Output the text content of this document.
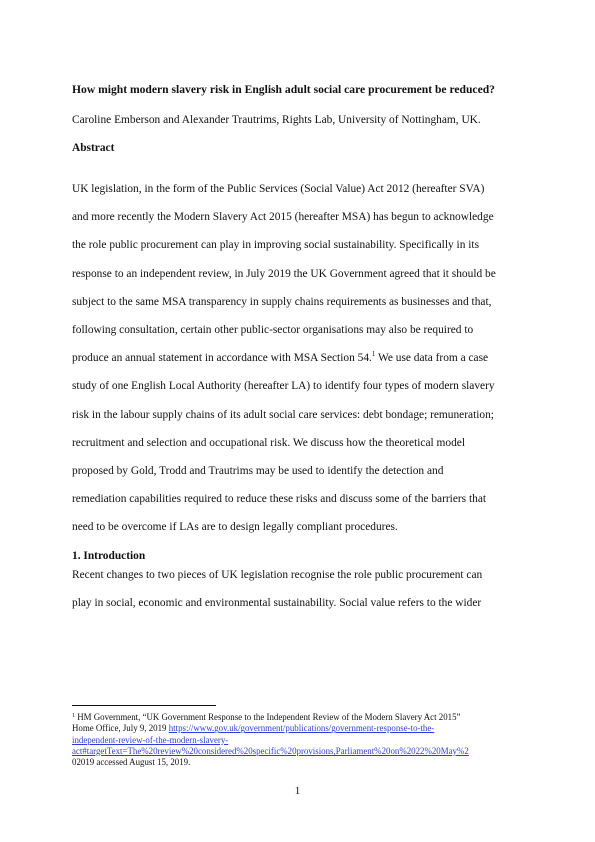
How might modern slavery risk in English adult social care procurement be reduced?
Caroline Emberson and Alexander Trautrims, Rights Lab, University of Nottingham, UK.
Abstract
UK legislation, in the form of the Public Services (Social Value) Act 2012 (hereafter SVA)
and more recently the Modern Slavery Act 2015 (hereafter MSA) has begun to acknowledge
the role public procurement can play in improving social sustainability. Specifically in its
response to an independent review, in July 2019 the UK Government agreed that it should be
subject to the same MSA transparency in supply chains requirements as businesses and that,
following consultation, certain other public-sector organisations may also be required to
produce an annual statement in accordance with MSA Section 54.$^1$ We use data from a case
study of one English Local Authority (hereafter LA) to identify four types of modern slavery
risk in the labour supply chains of its adult social care services: debt bondage; remuneration;
recruitment and selection and occupational risk. We discuss how the theoretical model
proposed by Gold, Trodd and Trautrims may be used to identify the detection and
remediation capabilities required to reduce these risks and discuss some of the barriers that
need to be overcome if LAs are to design legally compliant procedures.
1. Introduction
Recent changes to two pieces of UK legislation recognise the role public procurement can
play in social, economic and environmental sustainability. Social value refers to the wider
$^1$ HM Government, “UK Government Response to the Independent Review of the Modern Slavery Act 2015”
Home Office, July 9, 2019 https://www.gov.uk/government/publications/government-response-to-the-
independent-review-of-the-modern-slavery-
act#targetText=The%20review%20considered%20specific%20provisions,Parliament%20on%2022%20May%2
02019 accessed August 15, 2019.
1
